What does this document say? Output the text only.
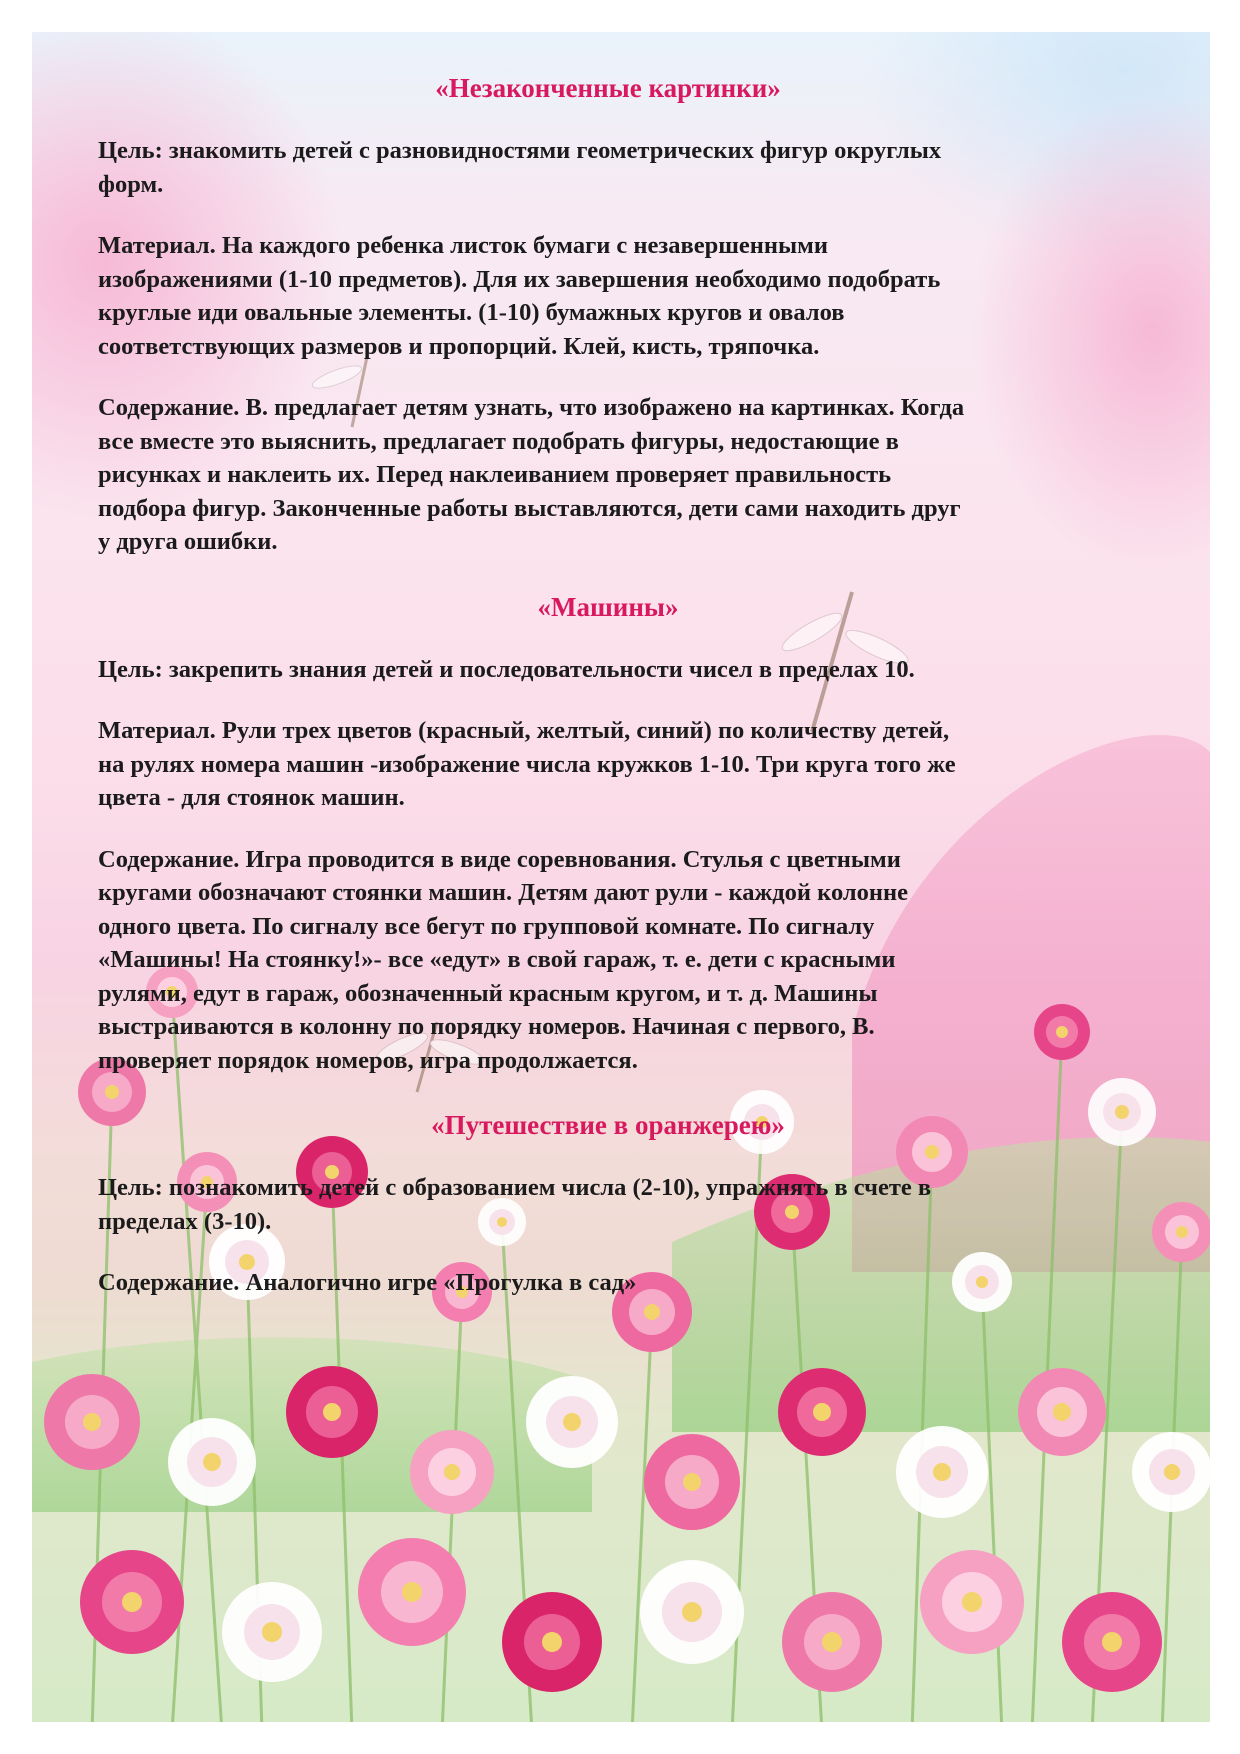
«Незаконченные картинки»
Цель: знакомить детей с разновидностями геометрических фигур округлых
форм.
Материал. На каждого ребенка листок бумаги с незавершенными
изображениями (1-10 предметов). Для их завершения необходимо подобрать
круглые иди овальные элементы. (1-10) бумажных кругов и овалов
соответствующих размеров и пропорций. Клей, кисть, тряпочка.
Содержание. В. предлагает детям узнать, что изображено на картинках. Когда
все вместе это выяснить, предлагает подобрать фигуры, недостающие в
рисунках и наклеить их. Перед наклеиванием проверяет правильность
подбора фигур. Законченные работы выставляются, дети сами находить друг
у друга ошибки.
«Машины»
Цель: закрепить знания детей и последовательности чисел в пределах 10.
Материал. Рули трех цветов (красный, желтый, синий) по количеству детей,
на рулях номера машин -изображение числа кружков 1-10. Три круга того же
цвета - для стоянок машин.
Содержание. Игра проводится в виде соревнования. Стулья с цветными
кругами обозначают стоянки машин. Детям дают рули - каждой колонне
одного цвета. По сигналу все бегут по групповой комнате. По сигналу
«Машины! На стоянку!»- все «едут» в свой гараж, т. е. дети с красными
рулями, едут в гараж, обозначенный красным кругом, и т. д. Машины
выстраиваются в колонну по порядку номеров. Начиная с первого, В.
проверяет порядок номеров, игра продолжается.
«Путешествие в оранжерею»
Цель: познакомить детей с образованием числа (2-10), упражнять в счете в
пределах (3-10).
Содержание. Аналогично игре «Прогулка в сад»
